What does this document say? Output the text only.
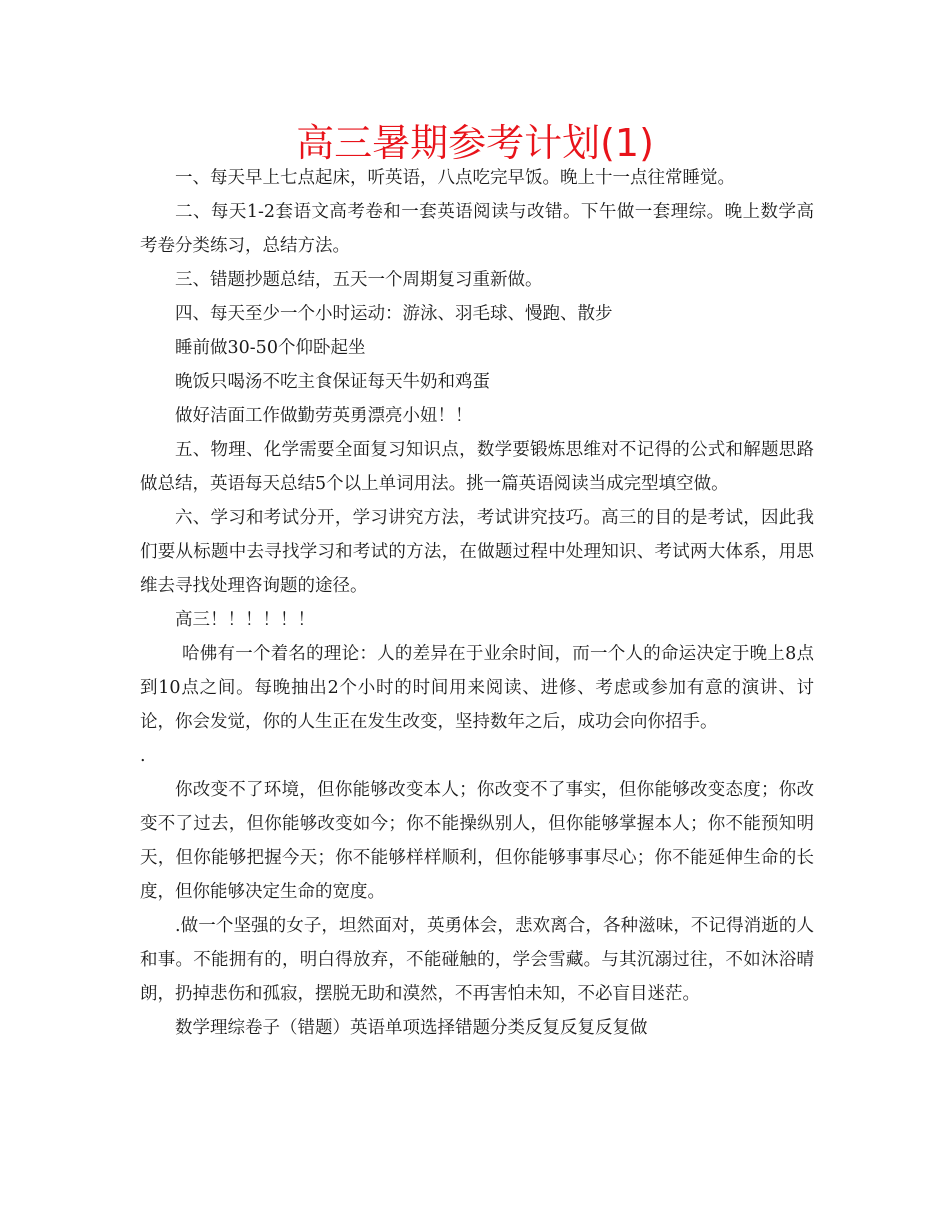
高三暑期参考计划(1)

一、每天早上七点起床，听英语，八点吃完早饭。晚上十一点往常睡觉。

二、每天1-2套语文高考卷和一套英语阅读与改错。下午做一套理综。晚上数学高考卷分类练习，总结方法。

三、错题抄题总结，五天一个周期复习重新做。

四、每天至少一个小时运动：游泳、羽毛球、慢跑、散步

睡前做30-50个仰卧起坐

晚饭只喝汤不吃主食保证每天牛奶和鸡蛋

做好洁面工作做勤劳英勇漂亮小妞！！

五、物理、化学需要全面复习知识点，数学要锻炼思维对不记得的公式和解题思路做总结，英语每天总结5个以上单词用法。挑一篇英语阅读当成完型填空做。

六、学习和考试分开，学习讲究方法，考试讲究技巧。高三的目的是考试，因此我们要从标题中去寻找学习和考试的方法，在做题过程中处理知识、考试两大体系，用思维去寻找处理咨询题的途径。

高三！！！！！！

哈佛有一个着名的理论：人的差异在于业余时间，而一个人的命运决定于晚上8点到10点之间。每晚抽出2个小时的时间用来阅读、进修、考虑或参加有意的演讲、讨论，你会发觉，你的人生正在发生改变，坚持数年之后，成功会向你招手。

.

你改变不了环境，但你能够改变本人；你改变不了事实，但你能够改变态度；你改变不了过去，但你能够改变如今；你不能操纵别人，但你能够掌握本人；你不能预知明天，但你能够把握今天；你不能够样样顺利，但你能够事事尽心；你不能延伸生命的长度，但你能够决定生命的宽度。

.做一个坚强的女子，坦然面对，英勇体会，悲欢离合，各种滋味，不记得消逝的人和事。不能拥有的，明白得放弃，不能碰触的，学会雪藏。与其沉溺过往，不如沐浴晴朗，扔掉悲伤和孤寂，摆脱无助和漠然，不再害怕未知，不必盲目迷茫。

数学理综卷子（错题）英语单项选择错题分类反复反复反复做
